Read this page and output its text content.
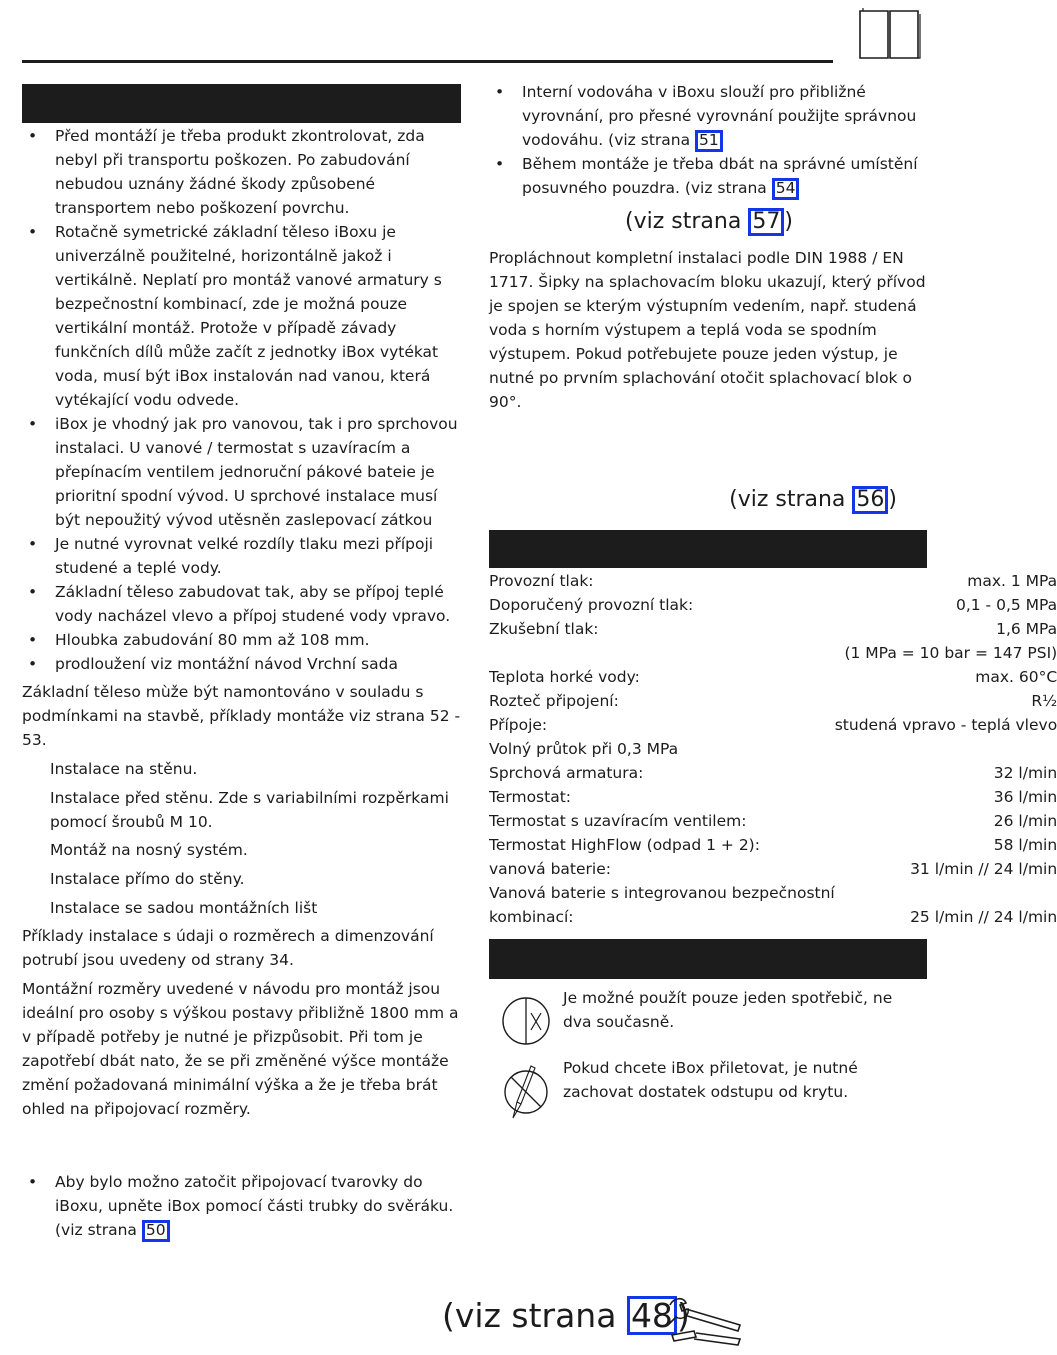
• Před montáží je třeba produkt zkontrolovat, zda nebyl při transportu poškozen. Po zabudování nebudou uznány žádné škody způsobené transportem nebo poškození povrchu.
• Rotačně symetrické základní těleso iBoxu je univerzálně použitelné, horizontálně jakož i vertikálně. Neplatí pro montáž vanové armatury s bezpečnostní kombinací, zde je možná pouze vertikální montáž. Protože v případě závady funkčních dílů může začít z jednotky iBox vytékat voda, musí být iBox instalován nad vanou, která vytékající vodu odvede.
• iBox je vhodný jak pro vanovou, tak i pro sprchovou instalaci. U vanové / termostat s uzavíracím a přepínacím ventilem jednoruční pákové bateie je prioritní spodní vývod. U sprchové instalace musí být nepoužitý vývod utěsněn zaslepovací zátkou
• Je nutné vyrovnat velké rozdíly tlaku mezi přípoji studené a teplé vody.
• Základní těleso zabudovat tak, aby se přípoj teplé vody nacházel vlevo a přípoj studené vody vpravo.
• Hloubka zabudování 80 mm až 108 mm.
• prodloužení viz montážní návod Vrchní sada

Základní těleso mùže být namontováno v souladu s podmínkami na stavbě, příklady montáže viz strana 52 - 53.

Instalace na stěnu.

Instalace před stěnu. Zde s variabilními rozpěrkami pomocí šroubů M 10.

Montáž na nosný systém.

Instalace přímo do stěny.

Instalace se sadou montážních lišt

Příklady instalace s údaji o rozměrech a dimenzování potrubí jsou uvedeny od strany 34.

Montážní rozměry uvedené v návodu pro montáž jsou ideální pro osoby s výškou postavy přibližně 1800 mm a v případě potřeby je nutné je přizpůsobit. Při tom je zapotřebí dbát nato, že se při změněné výšce montáže změní požadovaná minimální výška a že je třeba brát ohled na připojovací rozměry.

• Aby bylo možno zatočit připojovací tvarovky do iBoxu, upněte iBox pomocí části trubky do svěráku. (viz strana 50
• Interní vodováha v iBoxu slouží pro přibližné vyrovnání, pro přesné vyrovnání použijte správnou vodováhu. (viz strana 51
• Během montáže je třeba dbát na správné umístění posuvného pouzdra. (viz strana 54
(viz strana 57 )

Propláchnout kompletní instalaci podle DIN 1988 / EN 1717. Šipky na splachovacím bloku ukazují, který přívod je spojen se kterým výstupním vedením, např. studená voda s horním výstupem a teplá voda se spodním výstupem. Pokud potřebujete pouze jeden výstup, je nutné po prvním splachování otočit splachovací blok o 90°.

(viz strana 56 )
Provozní tlak:	max. 1 MPa
Doporučený provozní tlak:	0,1 - 0,5 MPa
Zkušební tlak:	1,6 MPa
	(1 MPa = 10 bar = 147 PSI)
Teplota horké vody:	max. 60°C
Rozteč připojení:	R½
Přípoje:	studená vpravo - teplá vlevo
Volný průtok při 0,3 MPa	
Sprchová armatura:	32 l/min
Termostat:	36 l/min
Termostat s uzavíracím ventilem:	26 l/min
Termostat HighFlow (odpad 1 + 2):	58 l/min
vanová baterie:	31 l/min // 24 l/min
Vanová baterie s integrovanou bezpečnostní	
kombinací:	25 l/min // 24 l/min

Je možné použít pouze jeden spotřebič, ne dva současně.

Pokud chcete iBox přiletovat, je nutné zachovat dostatek odstupu od krytu.

(viz strana 48 )
